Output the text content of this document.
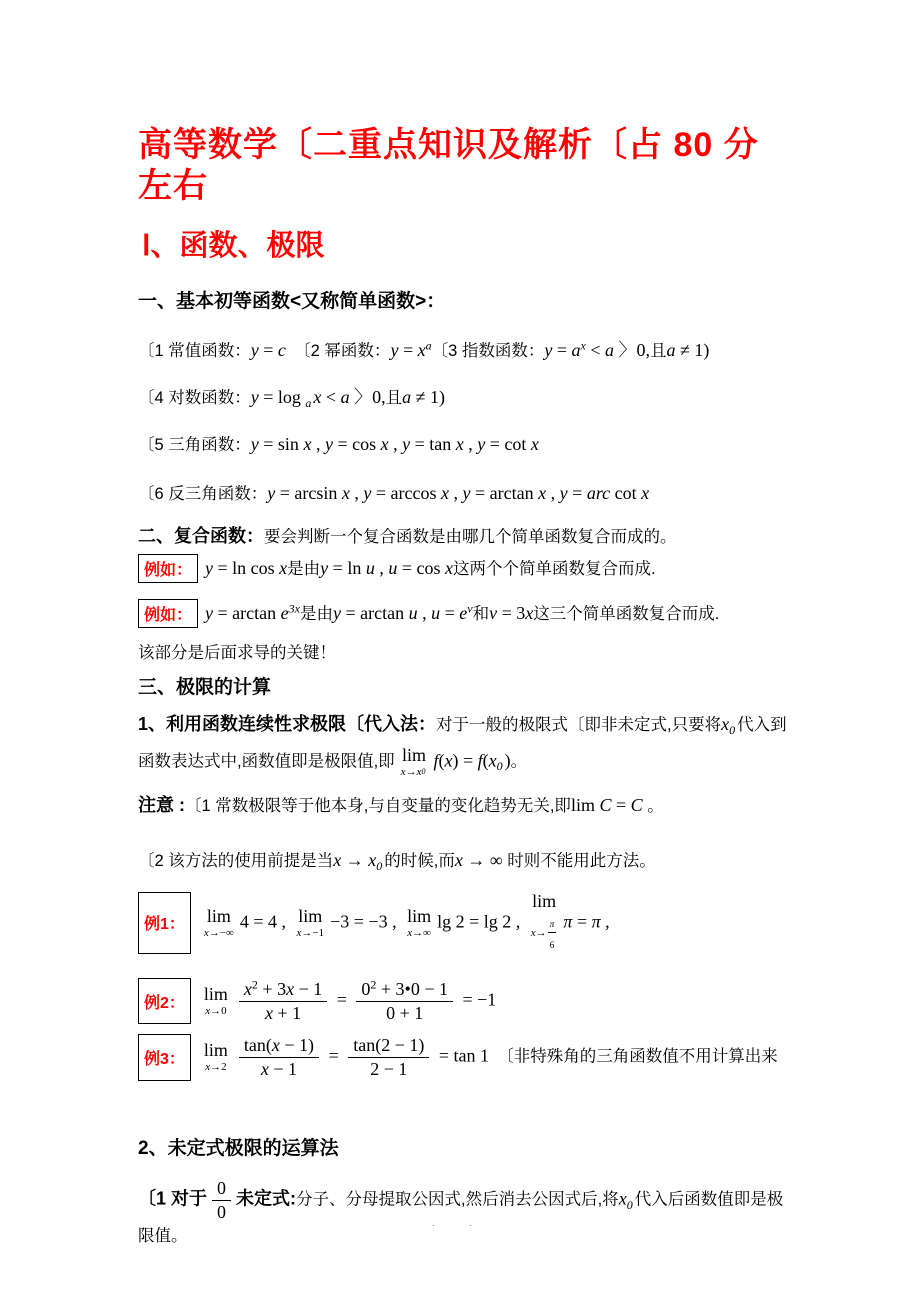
高等数学〔二重点知识及解析〔占 80 分左右
Ⅰ、函数、极限
一、基本初等函数<又称简单函数>：
〔1 常值函数：y = c　〔2 幂函数：$y = x^a$〔3 指数函数：$y = a^x < a$ 〉0,且a ≠ 1)
〔4 对数函数：y = log $_a$ x < a 〉0,且a ≠ 1)
〔5 三角函数：y = sin x , y = cos x , y = tan x , y = cot x
〔6 反三角函数：y = arcsin x , y = arccos x , y = arctan x , y = arc cot x
二、复合函数：要会判断一个复合函数是由哪几个简单函数复合而成的。
例如： y = ln cos x是由y = ln u , u = cos x这两个个简单函数复合而成.
例如： $y = \arctan e^{3x}$是由y = arctan u , $u = e^v$和v = 3x这三个简单函数复合而成.
该部分是后面求导的关键！
三、极限的计算
1、利用函数连续性求极限〔代入法：对于一般的极限式〔即非未定式,只要将$x_0$ 代入到
函数表达式中,函数值即是极限值,即 lim
x → x 0
$f(x) = f(x_0$ )。
注意 :〔1 常数极限等于他本身,与自变量的变化趋势无关,即lim C = C 。
〔2 该方法的使用前提是当$x \to x_0$ 的时候,而x → ∞ 时则不能用此方法。
例1：	lim
x →−∞
4 = 4 , lim
x →−1
−3 = −3 , lim
x →∞
lg 2 = lg 2 ,
lim
x →
π
6
π = π ,
例2：	lim
$x \to 0 \frac{x^2 + 3x - 1}{x + 1} = \frac{0^2 + 3•0 - 1}{0 + 1} = -1$
例3：	lim
$x \to 2 \frac{\tan(x - 1)}{x - 1} = \frac{\tan(2 - 1)}{2 - 1} = \tan 1$　〔非特殊角的三角函数值不用计算出来
2、未定式极限的运算法
〔1 对于 $\frac{0}{0}$ 未定式:分子、分母提取公因式,然后消去公因式后,将$x_0$ 代入后函数值即是极限值。
· ·
